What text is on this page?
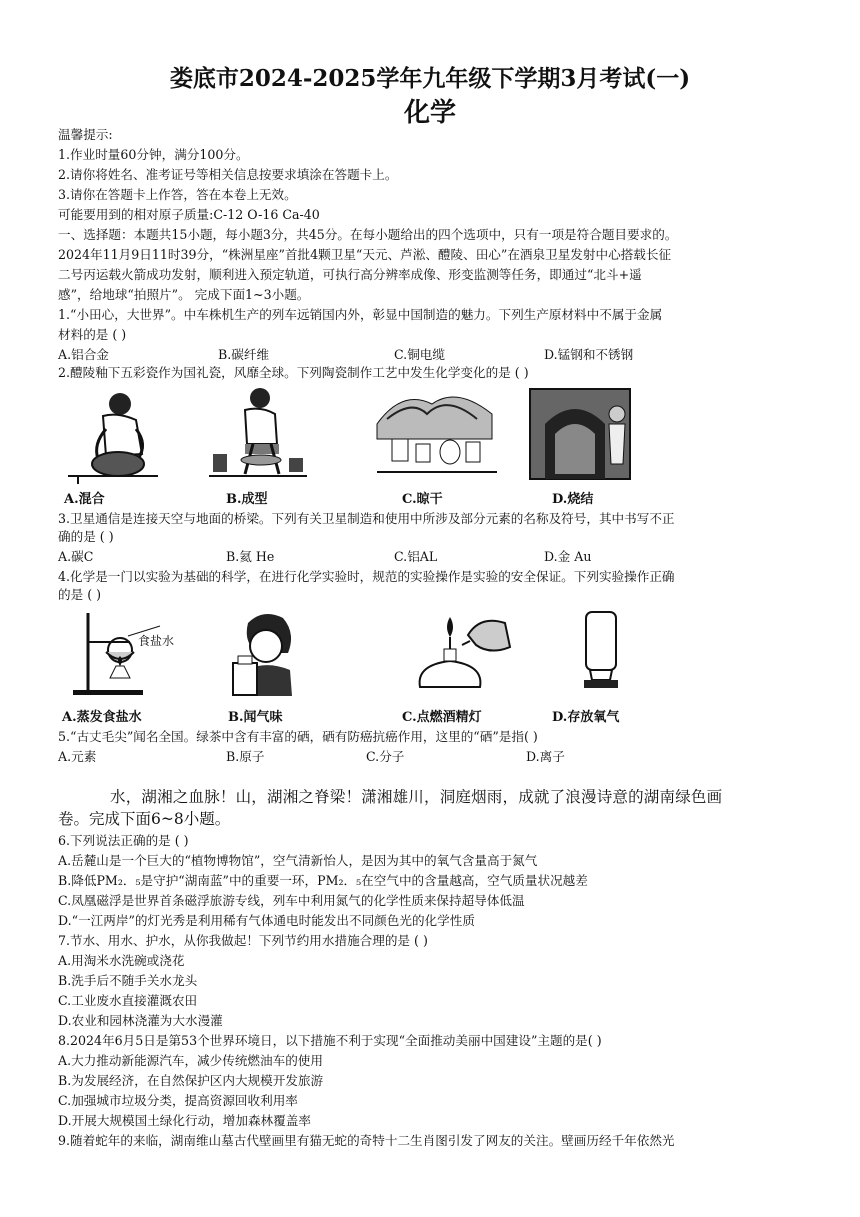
娄底市2024-2025学年九年级下学期3月考试(一)
化学
温馨提示:
1.作业时量60分钟，满分100分。
2.请你将姓名、准考证号等相关信息按要求填涂在答题卡上。
3.请你在答题卡上作答，答在本卷上无效。
可能要用到的相对原子质量:C-12 O-16 Ca-40
一、选择题：本题共15小题，每小题3分，共45分。在每小题给出的四个选项中，只有一项是符合题目要求的。
2024年11月9日11时39分，“株洲星座”首批4颗卫星“天元、芦淞、醴陵、田心”在酒泉卫星发射中心搭载长征
二号丙运载火箭成功发射，顺利进入预定轨道，可执行高分辨率成像、形变监测等任务，即通过“北斗+遥
感”，给地球“拍照片”。 完成下面1~3小题。
1.“小田心，大世界”。中车株机生产的列车远销国内外，彰显中国制造的魅力。下列生产原材料中不属于金属
材料的是 ( )
A.铝合金	B.碳纤维	C.铜电缆	D.锰钢和不锈钢
2.醴陵釉下五彩瓷作为国礼瓷，风靡全球。下列陶瓷制作工艺中发生化学变化的是 ( )
A.混合	B.成型	C.晾干	D.烧结
3.卫星通信是连接天空与地面的桥梁。下列有关卫星制造和使用中所涉及部分元素的名称及符号，其中书写不正
确的是 ( )
A.碳C	B.氦 He	C.铝AL	D.金 Au
4.化学是一门以实验为基础的科学，在进行化学实验时，规范的实验操作是实验的安全保证。下列实验操作正确
的是 ( )
食盐水
A.蒸发食盐水	B.闻气味	C.点燃酒精灯	D.存放氧气
5.“古丈毛尖”闻名全国。绿茶中含有丰富的硒，硒有防癌抗癌作用，这里的“硒”是指( )
A.元素	B.原子	C.分子	D.离子
水，湖湘之血脉！山，湖湘之脊梁！潇湘雄川，洞庭烟雨，成就了浪漫诗意的湖南绿色画
卷。完成下面6~8小题。
6.下列说法正确的是 ( )
A.岳麓山是一个巨大的“植物博物馆”，空气清新怡人，是因为其中的氧气含量高于氮气
B.降低PM₂．₅是守护“湖南蓝”中的重要一环，PM₂．₅在空气中的含量越高，空气质量状况越差
C.凤凰磁浮是世界首条磁浮旅游专线，列车中利用氮气的化学性质来保持超导体低温
D.“一江两岸”的灯光秀是利用稀有气体通电时能发出不同颜色光的化学性质
7.节水、用水、护水，从你我做起！下列节约用水措施合理的是 ( )
A.用淘米水洗碗或浇花
B.洗手后不随手关水龙头
C.工业废水直接灌溉农田
D.农业和园林浇灌为大水漫灌
8.2024年6月5日是第53个世界环境日，以下措施不利于实现“全面推动美丽中国建设”主题的是( )
A.大力推动新能源汽车，减少传统燃油车的使用
B.为发展经济，在自然保护区内大规模开发旅游
C.加强城市垃圾分类，提高资源回收利用率
D.开展大规模国土绿化行动，增加森林覆盖率
9.随着蛇年的来临，湖南维山墓古代壁画里有猫无蛇的奇特十二生肖图引发了网友的关注。壁画历经千年依然光
